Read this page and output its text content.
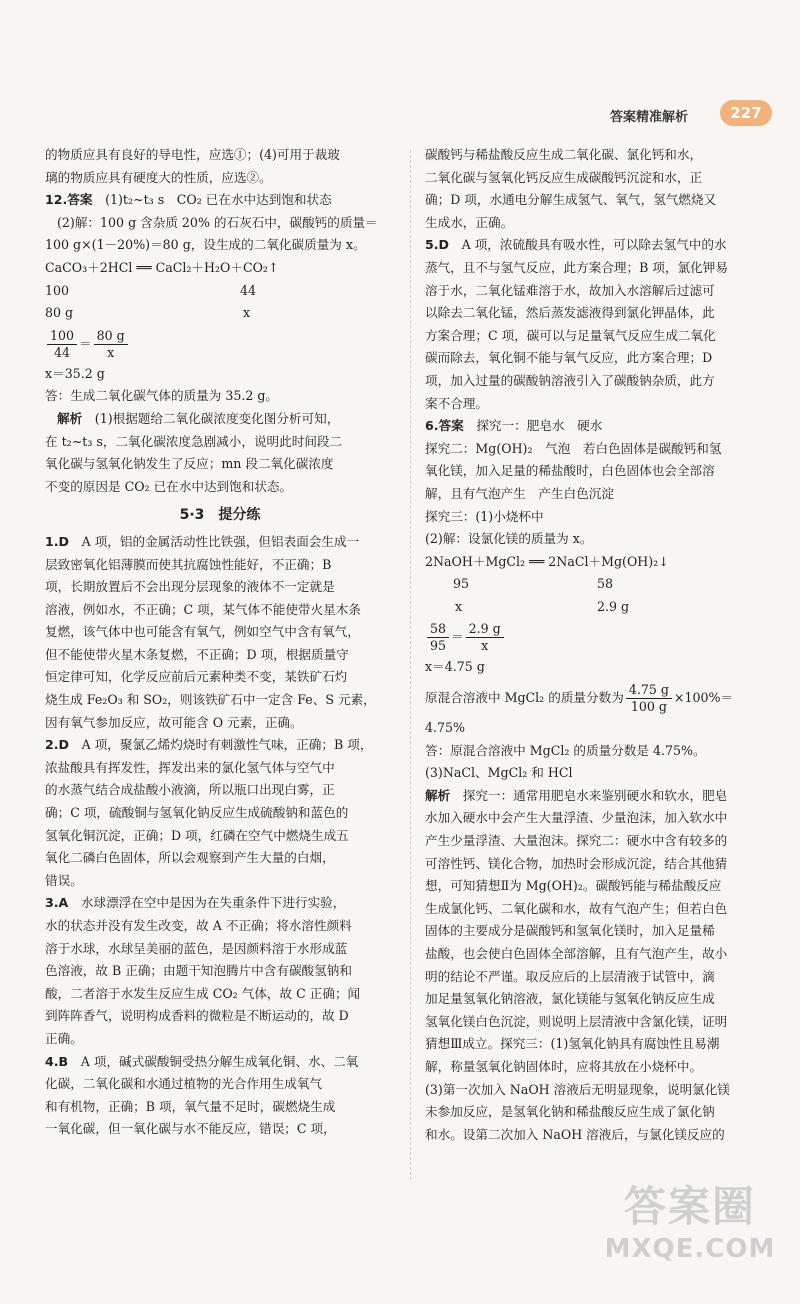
答案精准解析	227
的物质应具有良好的导电性，应选①；(4)可用于裁玻
璃的物质应具有硬度大的性质，应选②。
12.答案　 (1)t₂~t₃ s　CO₂ 已在水中达到饱和状态
(2)解：100 g 含杂质 20% 的石灰石中，碳酸钙的质量＝
100 g×(1－20%)＝80 g，设生成的二氧化碳质量为 x。
CaCO₃＋2HCl ══ CaCl₂＋H₂O＋CO₂↑
100	44
80 g	x
$\frac{100}{44} = \frac{80 g}{x}$
x＝35.2 g
答：生成二氧化碳气体的质量为 35.2 g。
解析　 (1)根据题给二氧化碳浓度变化图分析可知，
在 t₂~t₃ s，二氧化碳浓度急剧减小，说明此时间段二
氧化碳与氢氧化钠发生了反应；mn 段二氧化碳浓度
不变的原因是 CO₂ 已在水中达到饱和状态。
5·3　提分练
1.D　 A 项，铝的金属活动性比铁强，但铝表面会生成一
层致密氧化铝薄膜而使其抗腐蚀性能好，不正确；B
项，长期放置后不会出现分层现象的液体不一定就是
溶液，例如水，不正确；C 项，某气体不能使带火星木条
复燃，该气体中也可能含有氧气，例如空气中含有氧气，
但不能使带火星木条复燃，不正确；D 项，根据质量守
恒定律可知，化学反应前后元素种类不变，某铁矿石灼
烧生成 Fe₂O₃ 和 SO₂，则该铁矿石中一定含 Fe、S 元素，
因有氧气参加反应，故可能含 O 元素，正确。
2.D　 A 项，聚氯乙烯灼烧时有刺激性气味，正确；B 项，
浓盐酸具有挥发性，挥发出来的氯化氢气体与空气中
的水蒸气结合成盐酸小液滴，所以瓶口出现白雾，正
确；C 项，硫酸铜与氢氧化钠反应生成硫酸钠和蓝色的
氢氧化铜沉淀，正确；D 项，红磷在空气中燃烧生成五
氧化二磷白色固体，所以会观察到产生大量的白烟，
错误。
3.A　 水球漂浮在空中是因为在失重条件下进行实验，
水的状态并没有发生改变，故 A 不正确；将水溶性颜料
溶于水球，水球呈美丽的蓝色，是因颜料溶于水形成蓝
色溶液，故 B 正确；由题干知泡腾片中含有碳酸氢钠和
酸，二者溶于水发生反应生成 CO₂ 气体，故 C 正确；闻
到阵阵香气，说明构成香料的微粒是不断运动的，故 D
正确。
4.B　 A 项，碱式碳酸铜受热分解生成氧化铜、水、二氧
化碳，二氧化碳和水通过植物的光合作用生成氧气
和有机物，正确；B 项，氧气量不足时，碳燃烧生成
一氧化碳，但一氧化碳与水不能反应，错误；C 项，
碳酸钙与稀盐酸反应生成二氧化碳、氯化钙和水，
二氧化碳与氢氧化钙反应生成碳酸钙沉淀和水，正
确；D 项，水通电分解生成氢气、氧气，氢气燃烧又
生成水，正确。
5.D　 A 项，浓硫酸具有吸水性，可以除去氢气中的水
蒸气，且不与氢气反应，此方案合理；B 项，氯化钾易
溶于水，二氧化锰难溶于水，故加入水溶解后过滤可
以除去二氧化锰，然后蒸发滤液得到氯化钾晶体，此
方案合理；C 项，碳可以与足量氧气反应生成二氧化
碳而除去，氧化铜不能与氧气反应，此方案合理；D
项，加入过量的碳酸钠溶液引入了碳酸钠杂质，此方
案不合理。
6.答案　 探究一：肥皂水　硬水
探究二：Mg(OH)₂　气泡　若白色固体是碳酸钙和氢
氧化镁，加入足量的稀盐酸时，白色固体也会全部溶
解，且有气泡产生　产生白色沉淀
探究三：(1)小烧杯中
(2)解：设氯化镁的质量为 x。
2NaOH＋MgCl₂ ══ 2NaCl＋Mg(OH)₂↓
95	58
x	2.9 g
$\frac{58}{95} = \frac{2.9 g}{x}$
x＝4.75 g
原混合溶液中 MgCl₂ 的质量分数为 $\frac{4.75 g}{100 g} \times 100\%=$
4.75%
答：原混合溶液中 MgCl₂ 的质量分数是 4.75%。
(3)NaCl、MgCl₂ 和 HCl
解析　 探究一：通常用肥皂水来鉴别硬水和软水，肥皂
水加入硬水中会产生大量浮渣、少量泡沫，加入软水中
产生少量浮渣、大量泡沫。探究二：硬水中含有较多的
可溶性钙、镁化合物，加热时会形成沉淀，结合其他猜
想，可知猜想Ⅱ为 Mg(OH)₂。碳酸钙能与稀盐酸反应
生成氯化钙、二氧化碳和水，故有气泡产生；但若白色
固体的主要成分是碳酸钙和氢氧化镁时，加入足量稀
盐酸，也会使白色固体全部溶解，且有气泡产生，故小
明的结论不严谨。取反应后的上层清液于试管中，滴
加足量氢氧化钠溶液，氯化镁能与氢氧化钠反应生成
氢氧化镁白色沉淀，则说明上层清液中含氯化镁，证明
猜想Ⅲ成立。探究三：(1)氢氧化钠具有腐蚀性且易潮
解，称量氢氧化钠固体时，应将其放在小烧杯中。
(3)第一次加入 NaOH 溶液后无明显现象，说明氯化镁
未参加反应，是氢氧化钠和稀盐酸反应生成了氯化钠
和水。设第二次加入 NaOH 溶液后，与氯化镁反应的
答案圈
MXQE.COM
